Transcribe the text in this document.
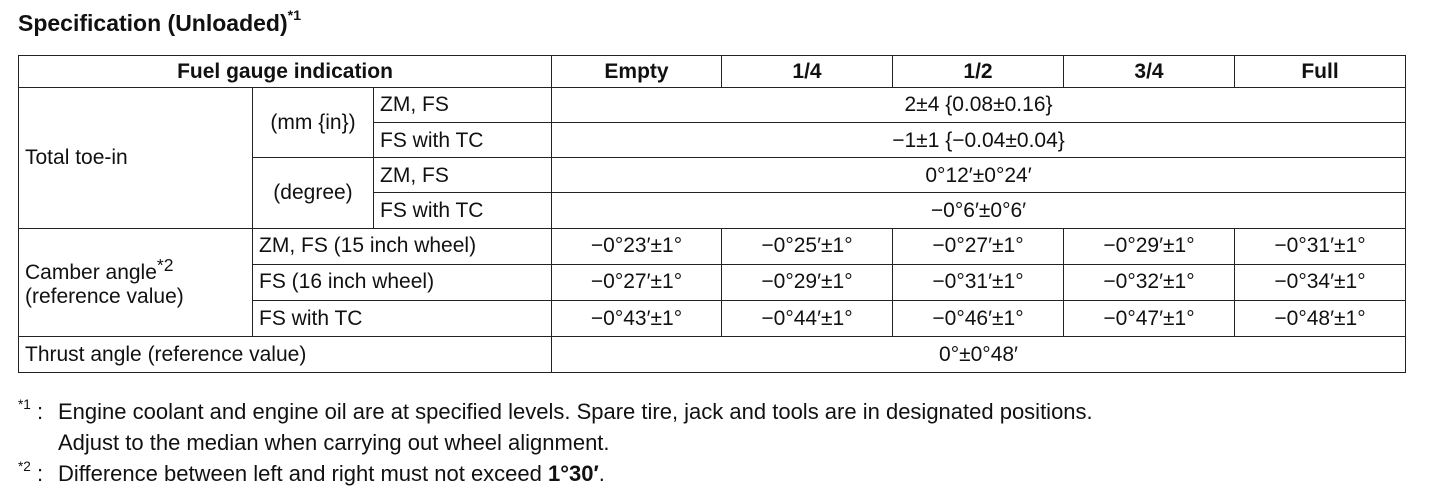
Specification (Unloaded)$^{*1}$
Fuel gauge indication			Empty	1/4	1/2	3/4	Full
Total toe-in	(mm {in})	ZM, FS	2±4 {0.08±0.16}				
		FS with TC	−1±1 {−0.04±0.04}				
	(degree)	ZM, FS	0°12′±0°24′				
		FS with TC	−0°6′±0°6′				
Camber angle$^{*2}$
(reference value)	ZM, FS (15 inch wheel)		−0°23′±1°	−0°25′±1°	−0°27′±1°	−0°29′±1°	−0°31′±1°
	FS (16 inch wheel)		−0°27′±1°	−0°29′±1°	−0°31′±1°	−0°32′±1°	−0°34′±1°
	FS with TC		−0°43′±1°	−0°44′±1°	−0°46′±1°	−0°47′±1°	−0°48′±1°
Thrust angle (reference value)			0°±0°48′				
$^{*1}$ : Engine coolant and engine oil are at specified levels. Spare tire, jack and tools are in designated positions.
Adjust to the median when carrying out wheel alignment.
$^{*2}$ : Difference between left and right must not exceed 1°30′.
